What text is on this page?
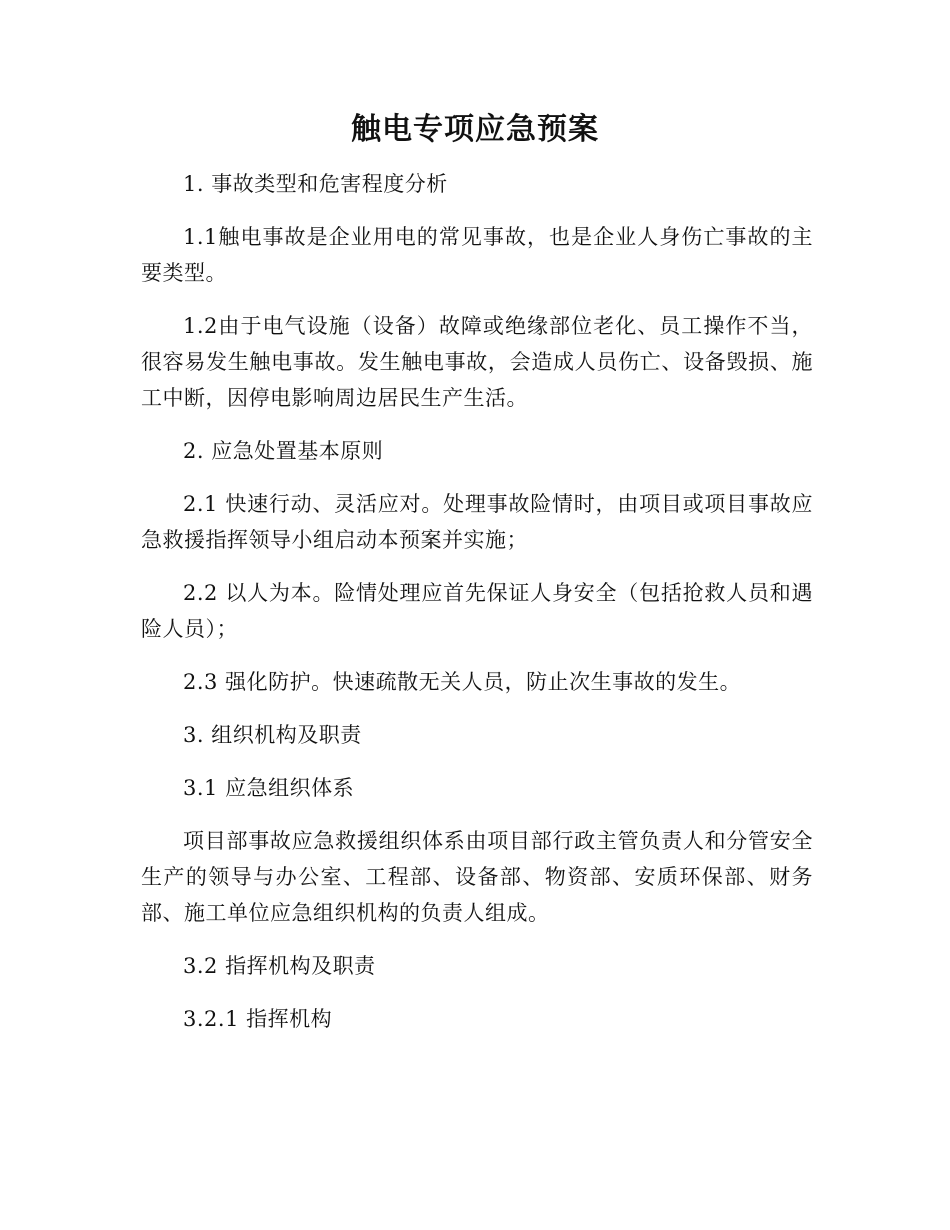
触电专项应急预案

1. 事故类型和危害程度分析

1.1触电事故是企业用电的常见事故，也是企业人身伤亡事故的主要类型。

1.2由于电气设施（设备）故障或绝缘部位老化、员工操作不当，很容易发生触电事故。发生触电事故，会造成人员伤亡、设备毁损、施工中断，因停电影响周边居民生产生活。

2. 应急处置基本原则

2.1 快速行动、灵活应对。处理事故险情时，由项目或项目事故应急救援指挥领导小组启动本预案并实施；

2.2 以人为本。险情处理应首先保证人身安全（包括抢救人员和遇险人员）；

2.3 强化防护。快速疏散无关人员，防止次生事故的发生。

3. 组织机构及职责

3.1 应急组织体系

项目部事故应急救援组织体系由项目部行政主管负责人和分管安全生产的领导与办公室、工程部、设备部、物资部、安质环保部、财务部、施工单位应急组织机构的负责人组成。

3.2 指挥机构及职责

3.2.1 指挥机构
